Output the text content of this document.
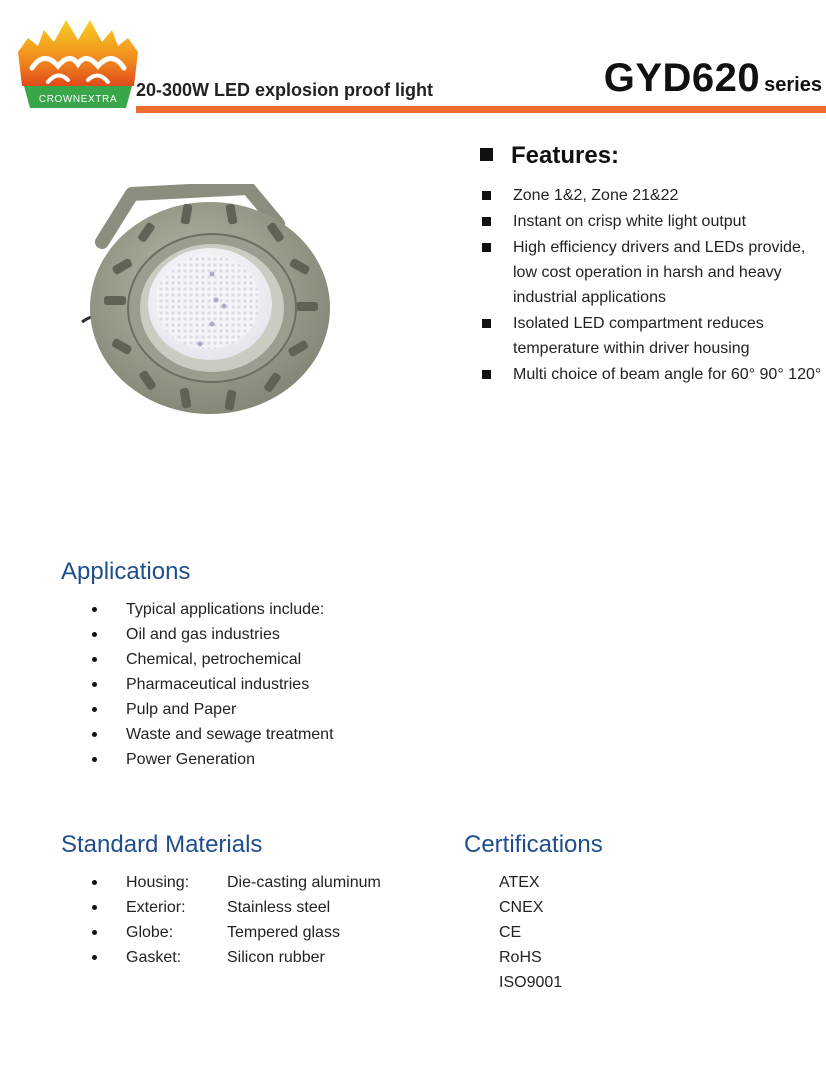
CROWNEXTRA 20-300W LED explosion proof light	GYD620 series
Features:
Zone 1&2, Zone 21&22
Instant on crisp white light output
High efficiency drivers and LEDs provide, low cost operation in harsh and heavy industrial applications
Isolated LED compartment reduces temperature within driver housing
Multi choice of beam angle for 60° 90° 120°
Applications
Typical applications include:
Oil and gas industries
Chemical, petrochemical
Pharmaceutical industries
Pulp and Paper
Waste and sewage treatment
Power Generation
Standard Materials
Housing: Die-casting aluminum
Exterior:	Stainless steel
Globe:	Tempered glass
Gasket:	Silicon rubber
Certifications
ATEX
CNEX
CE
RoHS
ISO9001
